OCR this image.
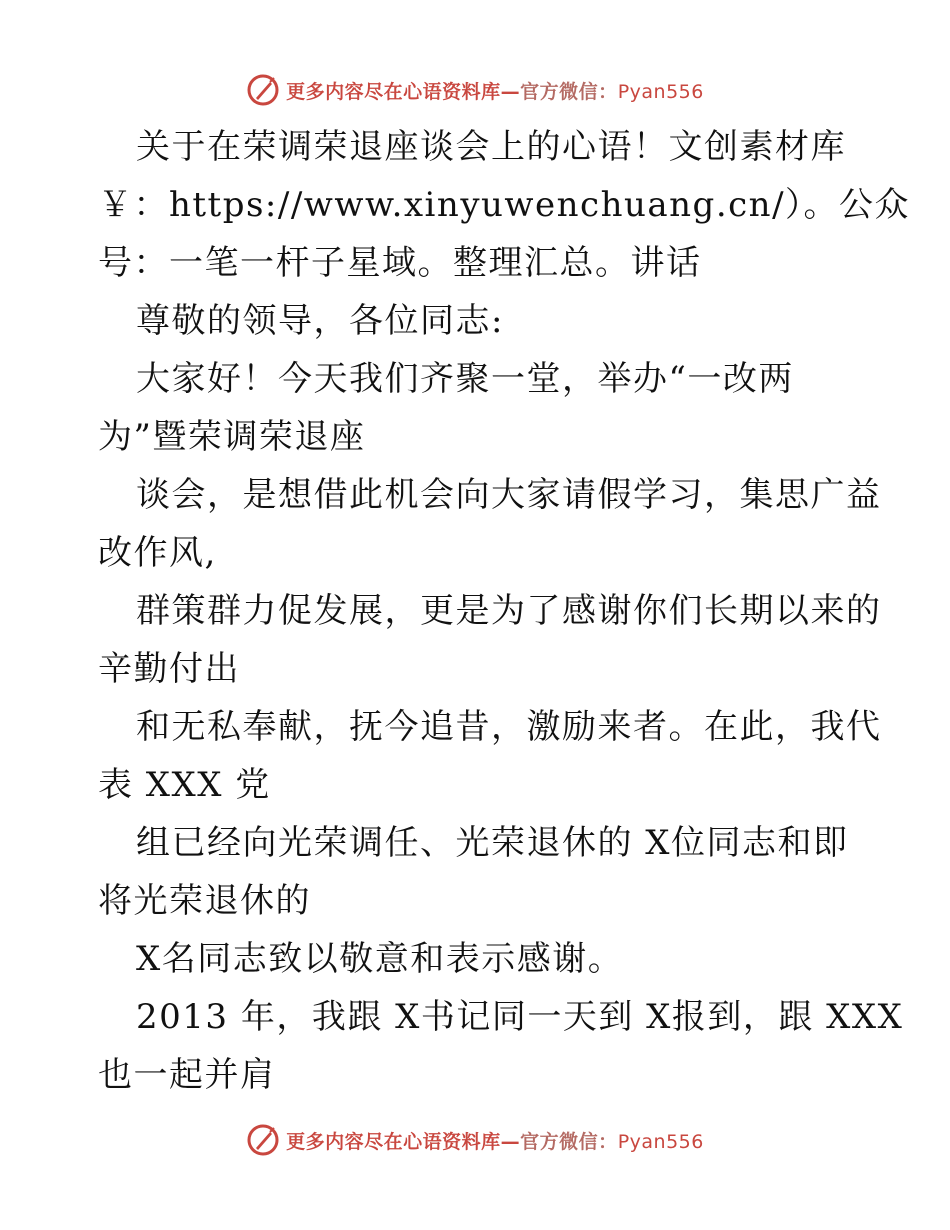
更多内容尽在心语资料库—官方微信：Pyan556
关于在荣调荣退座谈会上的心语！文创素材库
￥：https://www.xinyuwenchuang.cn/）。公众
号：一笔一杆子星域。整理汇总。讲话
尊敬的领导，各位同志:
大家好！今天我们齐聚一堂，举办“一改两
为”暨荣调荣退座
谈会，是想借此机会向大家请假学习，集思广益
改作风,
群策群力促发展，更是为了感谢你们长期以来的
辛勤付出
和无私奉献，抚今追昔，激励来者。在此，我代
表 XXX 党
组已经向光荣调任、光荣退休的 X位同志和即
将光荣退休的
X名同志致以敬意和表示感谢。
2013 年，我跟 X书记同一天到 X报到，跟 XXX
也一起并肩
更多内容尽在心语资料库—官方微信：Pyan556
